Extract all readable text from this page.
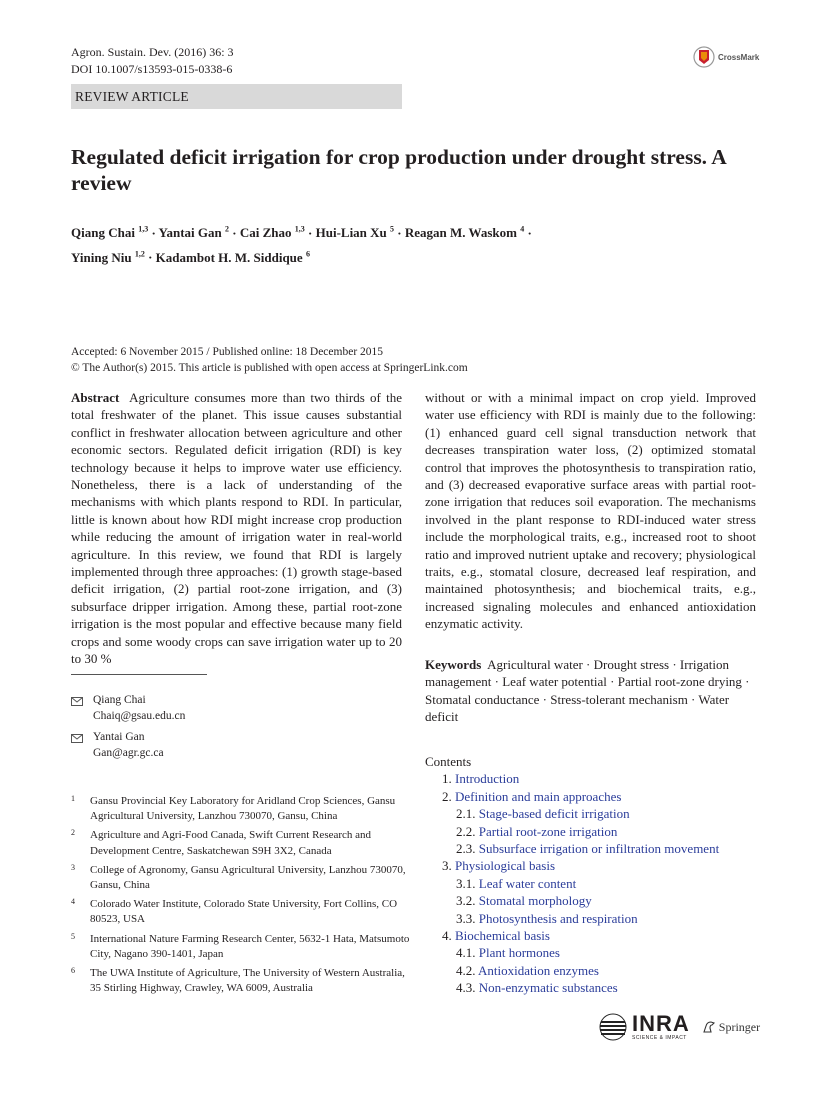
Agron. Sustain. Dev. (2016) 36: 3
DOI 10.1007/s13593-015-0338-6
CrossMark
REVIEW ARTICLE
Regulated deficit irrigation for crop production under drought stress. A review
Qiang Chai $^{1,3}$ · Yantai Gan $^2$ · Cai Zhao $^{1,3}$ · Hui-Lian Xu $^5$ · Reagan M. Waskom $^4$ ·
Yining Niu $^{1,2}$ · Kadambot H. M. Siddique $^6$
Accepted: 6 November 2015 / Published online: 18 December 2015
© The Author(s) 2015. This article is published with open access at SpringerLink.com
Abstract Agriculture consumes more than two thirds of the total freshwater of the planet. This issue causes substantial conflict in freshwater allocation between agriculture and other economic sectors. Regulated deficit irrigation (RDI) is key technology because it helps to improve water use efficiency. Nonetheless, there is a lack of understanding of the mechanisms with which plants respond to RDI. In particular, little is known about how RDI might increase crop production while reducing the amount of irrigation water in real-world agriculture. In this review, we found that RDI is largely implemented through three approaches: (1) growth stage-based deficit irrigation, (2) partial root-zone irrigation, and (3) subsurface dripper irrigation. Among these, partial root-zone irrigation is the most popular and effective because many field crops and some woody crops can save irrigation water up to 20 to 30 %
without or with a minimal impact on crop yield. Improved water use efficiency with RDI is mainly due to the following: (1) enhanced guard cell signal transduction network that decreases transpiration water loss, (2) optimized stomatal control that improves the photosynthesis to transpiration ratio, and (3) decreased evaporative surface areas with partial root-zone irrigation that reduces soil evaporation. The mechanisms involved in the plant response to RDI-induced water stress include the morphological traits, e.g., increased root to shoot ratio and improved nutrient uptake and recovery; physiological traits, e.g., stomatal closure, decreased leaf respiration, and maintained photosynthesis; and biochemical traits, e.g., increased signaling molecules and enhanced antioxidation enzymatic activity.
Keywords Agricultural water · Drought stress · Irrigation management · Leaf water potential · Partial root-zone drying · Stomatal conductance · Stress-tolerant mechanism · Water deficit
Qiang Chai
Chaiq@gsau.edu.cn
Yantai Gan
Gan@agr.gc.ca
1	Gansu Provincial Key Laboratory for Aridland Crop Sciences, Gansu Agricultural University, Lanzhou 730070, Gansu, China
2	Agriculture and Agri-Food Canada, Swift Current Research and Development Centre, Saskatchewan S9H 3X2, Canada
3	College of Agronomy, Gansu Agricultural University, Lanzhou 730070, Gansu, China
4	Colorado Water Institute, Colorado State University, Fort Collins, CO 80523, USA
5	International Nature Farming Research Center, 5632-1 Hata, Matsumoto City, Nagano 390-1401, Japan
6	The UWA Institute of Agriculture, The University of Western Australia, 35 Stirling Highway, Crawley, WA 6009, Australia
Contents
1. Introduction
2. Definition and main approaches
2.1. Stage-based deficit irrigation
2.2. Partial root-zone irrigation
2.3. Subsurface irrigation or infiltration movement
3. Physiological basis
3.1. Leaf water content
3.2. Stomatal morphology
3.3. Photosynthesis and respiration
4. Biochemical basis
4.1. Plant hormones
4.2. Antioxidation enzymes
4.3. Non-enzymatic substances
INRA
SCIENCE & IMPACT
Springer
